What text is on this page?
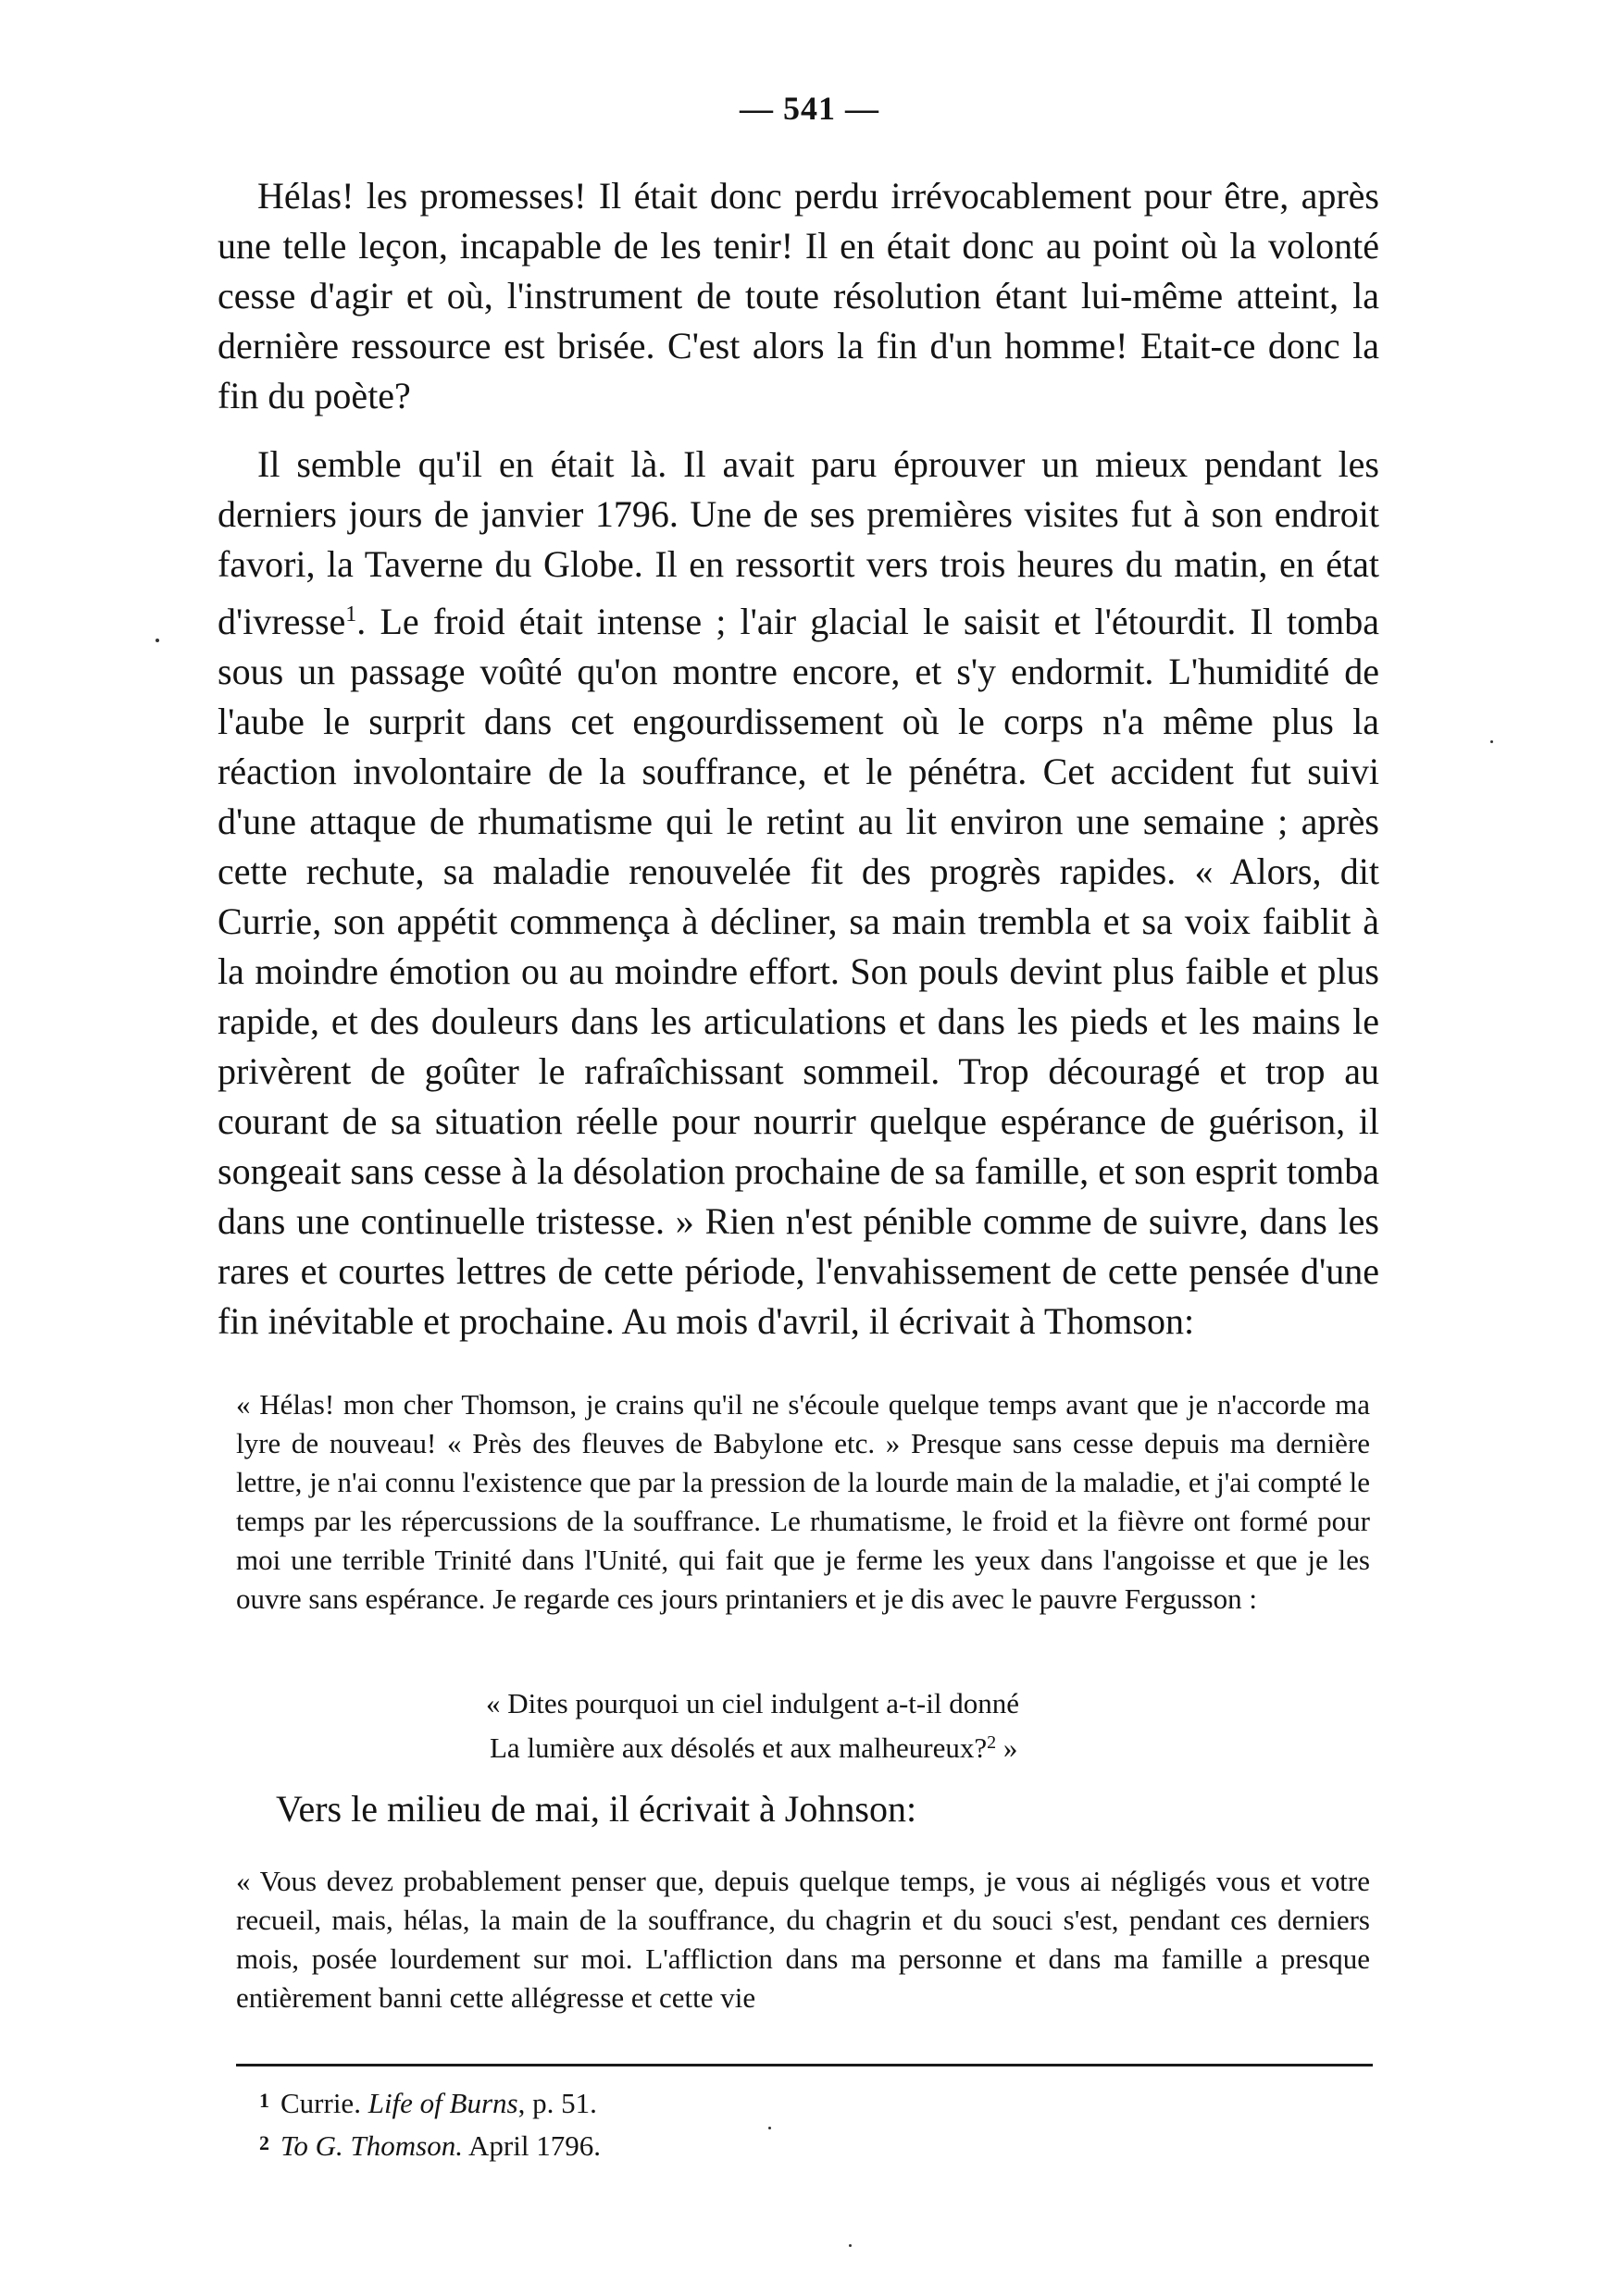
— 541 —

Hélas! les promesses! Il était donc perdu irrévocablement pour être, après une telle leçon, incapable de les tenir! Il en était donc au point où la volonté cesse d'agir et où, l'instrument de toute résolution étant lui-même atteint, la dernière ressource est brisée. C'est alors la fin d'un homme! Etait-ce donc la fin du poète?

Il semble qu'il en était là. Il avait paru éprouver un mieux pendant les derniers jours de janvier 1796. Une de ses premières visites fut à son endroit favori, la Taverne du Globe. Il en ressortit vers trois heures du matin, en état d'ivresse$^1$. Le froid était intense ; l'air glacial le saisit et l'étourdit. Il tomba sous un passage voûté qu'on montre encore, et s'y endormit. L'humidité de l'aube le surprit dans cet engourdissement où le corps n'a même plus la réaction involontaire de la souffrance, et le pénétra. Cet accident fut suivi d'une attaque de rhumatisme qui le retint au lit environ une semaine ; après cette rechute, sa maladie renouvelée fit des progrès rapides. « Alors, dit Currie, son appétit commença à décliner, sa main trembla et sa voix faiblit à la moindre émotion ou au moindre effort. Son pouls devint plus faible et plus rapide, et des douleurs dans les articulations et dans les pieds et les mains le privèrent de goûter le rafraîchissant sommeil. Trop découragé et trop au courant de sa situation réelle pour nourrir quelque espérance de guérison, il songeait sans cesse à la désolation prochaine de sa famille, et son esprit tomba dans une continuelle tristesse. » Rien n'est pénible comme de suivre, dans les rares et courtes lettres de cette période, l'envahissement de cette pensée d'une fin inévitable et prochaine. Au mois d'avril, il écrivait à Thomson:

« Hélas! mon cher Thomson, je crains qu'il ne s'écoule quelque temps avant que je n'accorde ma lyre de nouveau! « Près des fleuves de Babylone etc. » Presque sans cesse depuis ma dernière lettre, je n'ai connu l'existence que par la pression de la lourde main de la maladie, et j'ai compté le temps par les répercussions de la souffrance. Le rhumatisme, le froid et la fièvre ont formé pour moi une terrible Trinité dans l'Unité, qui fait que je ferme les yeux dans l'angoisse et que je les ouvre sans espérance. Je regarde ces jours printaniers et je dis avec le pauvre Fergusson :

« Dites pourquoi un ciel indulgent a-t-il donné
La lumière aux désolés et aux malheureux?$^2$ »

Vers le milieu de mai, il écrivait à Johnson:

« Vous devez probablement penser que, depuis quelque temps, je vous ai négligés vous et votre recueil, mais, hélas, la main de la souffrance, du chagrin et du souci s'est, pendant ces derniers mois, posée lourdement sur moi. L'affliction dans ma personne et dans ma famille a presque entièrement banni cette allégresse et cette vie

1 Currie. Life of Burns, p. 51.
2 To G. Thomson. April 1796.
